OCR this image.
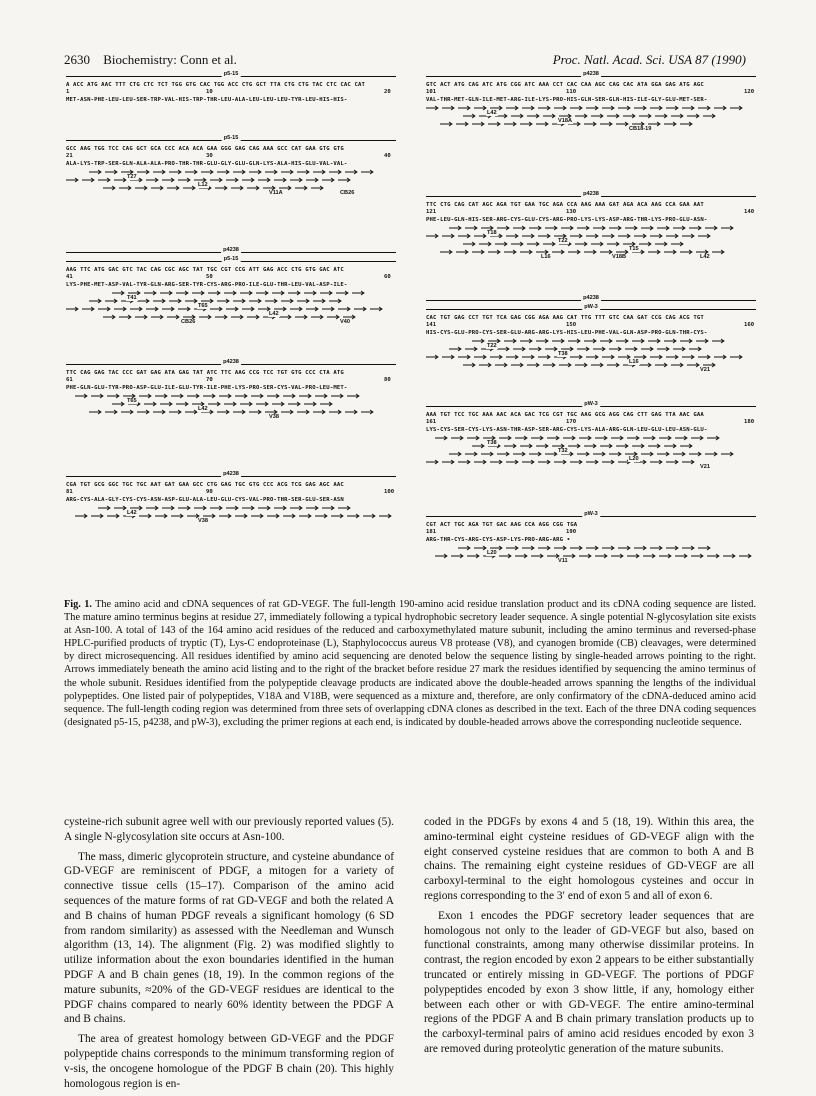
2630 Biochemistry: Conn et al.	Proc. Natl. Acad. Sci. USA 87 (1990)
p5-15
A ACC ATG AAC TTT CTG CTC TCT TGG GTG CAC TGG ACC CTG GCT TTA CTG CTG TAC CTC CAC CAT
1	10	20
MET-ASN-PHE-LEU-LEU-SER-TRP-VAL-HIS-TRP-THR-LEU-ALA-LEU-LEU-LEU-TYR-LEU-HIS-HIS-
p5-15
GCC AAG TGG TCC CAG GCT GCA CCC ACA ACA GAA GGG GAG CAG AAA GCC CAT GAA GTG GTG
21	30	40
ALA-LYS-TRP-SER-GLN-ALA-ALA-PRO-THR-THR-GLU-GLY-GLU-GLN-LYS-ALA-HIS-GLU-VAL-VAL-
T27
L12
V11A	CB26
p4238
p5-15
AAG TTC ATG GAC GTC TAC CAG CGC AGC TAT TGC CGT CCG ATT GAG ACC CTG GTG GAC ATC
41	50	60
LYS-PHE-MET-ASP-VAL-TYR-GLN-ARG-SER-TYR-CYS-ARG-PRO-ILE-GLU-THR-LEU-VAL-ASP-ILE-
T41
T65
L42
V40
CB26
p4238
TTC CAG GAG TAC CCC GAT GAG ATA GAG TAT ATC TTC AAG CCG TCC TGT GTG CCC CTA ATG
61	70	80
PHE-GLN-GLU-TYR-PRO-ASP-GLU-ILE-GLU-TYR-ILE-PHE-LYS-PRO-SER-CYS-VAL-PRO-LEU-MET-
T65
L42
V38
p4238
CGA TGT GCG GGC TGC TGC AAT GAT GAA GCC CTG GAG TGC GTG CCC ACG TCG GAG AGC AAC
81	90	100
ARG-CYS-ALA-GLY-CYS-CYS-ASN-ASP-GLU-ALA-LEU-GLU-CYS-VAL-PRO-THR-SER-GLU-SER-ASN
L42
V38
p4238
GTC ACT ATG CAG ATC ATG CGG ATC AAA CCT CAC CAA AGC CAG CAC ATA GGA GAG ATG AGC
101	110	120
VAL-THR-MET-GLN-ILE-MET-ARG-ILE-LYS-PRO-HIS-GLN-SER-GLN-HIS-ILE-GLY-GLU-MET-SER-
L42
V18A
CB18-19
p4238
TTC CTG CAG CAT AGC AGA TGT GAA TGC AGA CCA AAG AAA GAT AGA ACA AAG CCA GAA AAT
121	130	140
PHE-LEU-GLN-HIS-SER-ARG-CYS-GLU-CYS-ARG-PRO-LYS-LYS-ASP-ARG-THR-LYS-PRO-GLU-ASN-
T18
T22
T15
L42
L16	V18B
p4238
pW-3
CAC TGT GAG CCT TGT TCA GAG CGG AGA AAG CAT TTG TTT GTC CAA GAT CCG CAG ACG TGT
141	150	160
HIS-CYS-GLU-PRO-CYS-SER-GLU-ARG-ARG-LYS-HIS-LEU-PHE-VAL-GLN-ASP-PRO-GLN-THR-CYS-
T22
T38
L16
V21
pW-3
AAA TGT TCC TGC AAA AAC ACA GAC TCG CGT TGC AAG GCG AGG CAG CTT GAG TTA AAC GAA
161	170	180
LYS-CYS-SER-CYS-LYS-ASN-THR-ASP-SER-ARG-CYS-LYS-ALA-ARG-GLN-LEU-GLU-LEU-ASN-GLU-
T38
T32
L20
V21
pW-3
CGT ACT TGC AGA TGT GAC AAG CCA AGG CGG TGA
181	190
ARG-THR-CYS-ARG-CYS-ASP-LYS-PRO-ARG-ARG •
L20
V11
Fig. 1. The amino acid and cDNA sequences of rat GD-VEGF. The full-length 190-amino acid residue translation product and its cDNA coding sequence are listed. The mature amino terminus begins at residue 27, immediately following a typical hydrophobic secretory leader sequence. A single potential N-glycosylation site exists at Asn-100. A total of 143 of the 164 amino acid residues of the reduced and carboxymethylated mature subunit, including the amino terminus and reversed-phase HPLC-purified products of tryptic (T), Lys-C endoproteinase (L), Staphylococcus aureus V8 protease (V8), and cyanogen bromide (CB) cleavages, were determined by direct microsequencing. All residues identified by amino acid sequencing are denoted below the sequence listing by single-headed arrows pointing to the right. Arrows immediately beneath the amino acid listing and to the right of the bracket before residue 27 mark the residues identified by sequencing the amino terminus of the whole subunit. Residues identified from the polypeptide cleavage products are indicated above the double-headed arrows spanning the lengths of the individual polypeptides. One listed pair of polypeptides, V18A and V18B, were sequenced as a mixture and, therefore, are only confirmatory of the cDNA-deduced amino acid sequence. The full-length coding region was determined from three sets of overlapping cDNA clones as described in the text. Each of the three DNA coding sequences (designated p5-15, p4238, and pW-3), excluding the primer regions at each end, is indicated by double-headed arrows above the corresponding nucleotide sequence.

cysteine-rich subunit agree well with our previously reported values (5). A single N-glycosylation site occurs at Asn-100.

The mass, dimeric glycoprotein structure, and cysteine abundance of GD-VEGF are reminiscent of PDGF, a mitogen for a variety of connective tissue cells (15–17). Comparison of the amino acid sequences of the mature forms of rat GD-VEGF and both the related A and B chains of human PDGF reveals a significant homology (6 SD from random similarity) as assessed with the Needleman and Wunsch algorithm (13, 14). The alignment (Fig. 2) was modified slightly to utilize information about the exon boundaries identified in the human PDGF A and B chain genes (18, 19). In the common regions of the mature subunits, ≈20% of the GD-VEGF residues are identical to the PDGF chains compared to nearly 60% identity between the PDGF A and B chains.

The area of greatest homology between GD-VEGF and the PDGF polypeptide chains corresponds to the minimum transforming region of v-sis, the oncogene homologue of the PDGF B chain (20). This highly homologous region is en-

coded in the PDGFs by exons 4 and 5 (18, 19). Within this area, the amino-terminal eight cysteine residues of GD-VEGF align with the eight conserved cysteine residues that are common to both A and B chains. The remaining eight cysteine residues of GD-VEGF are all carboxyl-terminal to the eight homologous cysteines and occur in regions corresponding to the 3′ end of exon 5 and all of exon 6.

Exon 1 encodes the PDGF secretory leader sequences that are homologous not only to the leader of GD-VEGF but also, based on functional constraints, among many otherwise dissimilar proteins. In contrast, the region encoded by exon 2 appears to be either substantially truncated or entirely missing in GD-VEGF. The portions of PDGF polypeptides encoded by exon 3 show little, if any, homology either between each other or with GD-VEGF. The entire amino-terminal regions of the PDGF A and B chain primary translation products up to the carboxyl-terminal pairs of amino acid residues encoded by exon 3 are removed during proteolytic generation of the mature subunits.
